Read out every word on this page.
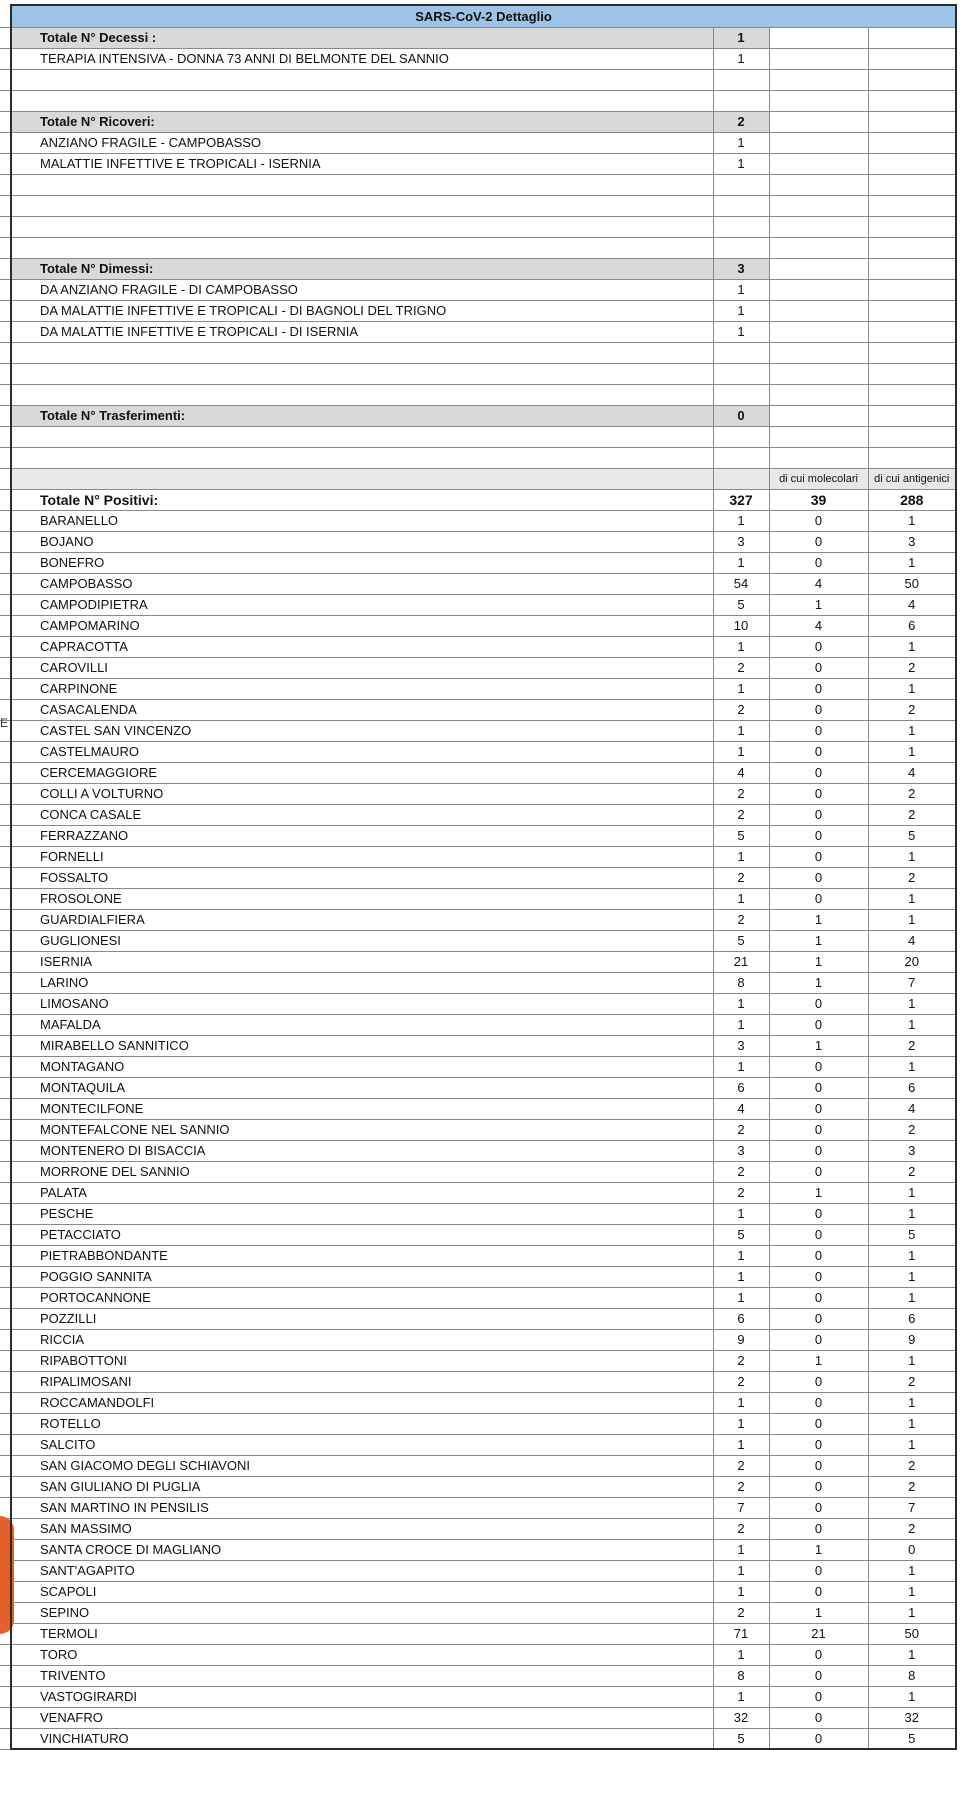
E
SARS-CoV-2 Dettaglio			
Totale N° Decessi :	1		
TERAPIA INTENSIVA - DONNA 73 ANNI DI BELMONTE DEL SANNIO	1		

Totale N° Ricoveri:	2		
ANZIANO FRAGILE - CAMPOBASSO	1		
MALATTIE INFETTIVE E TROPICALI - ISERNIA	1		

Totale N° Dimessi:	3		
DA ANZIANO FRAGILE - DI CAMPOBASSO	1		
DA MALATTIE INFETTIVE E TROPICALI - DI BAGNOLI DEL TRIGNO	1		
DA MALATTIE INFETTIVE E TROPICALI - DI ISERNIA	1		

Totale N° Trasferimenti:	0		

		di cui molecolari	di cui antigenici
Totale N° Positivi:	327	39	288
BARANELLO	1	0	1
BOJANO	3	0	3
BONEFRO	1	0	1
CAMPOBASSO	54	4	50
CAMPODIPIETRA	5	1	4
CAMPOMARINO	10	4	6
CAPRACOTTA	1	0	1
CAROVILLI	2	0	2
CARPINONE	1	0	1
CASACALENDA	2	0	2
CASTEL SAN VINCENZO	1	0	1
CASTELMAURO	1	0	1
CERCEMAGGIORE	4	0	4
COLLI A VOLTURNO	2	0	2
CONCA CASALE	2	0	2
FERRAZZANO	5	0	5
FORNELLI	1	0	1
FOSSALTO	2	0	2
FROSOLONE	1	0	1
GUARDIALFIERA	2	1	1
GUGLIONESI	5	1	4
ISERNIA	21	1	20
LARINO	8	1	7
LIMOSANO	1	0	1
MAFALDA	1	0	1
MIRABELLO SANNITICO	3	1	2
MONTAGANO	1	0	1
MONTAQUILA	6	0	6
MONTECILFONE	4	0	4
MONTEFALCONE NEL SANNIO	2	0	2
MONTENERO DI BISACCIA	3	0	3
MORRONE DEL SANNIO	2	0	2
PALATA	2	1	1
PESCHE	1	0	1
PETACCIATO	5	0	5
PIETRABBONDANTE	1	0	1
POGGIO SANNITA	1	0	1
PORTOCANNONE	1	0	1
POZZILLI	6	0	6
RICCIA	9	0	9
RIPABOTTONI	2	1	1
RIPALIMOSANI	2	0	2
ROCCAMANDOLFI	1	0	1
ROTELLO	1	0	1
SALCITO	1	0	1
SAN GIACOMO DEGLI SCHIAVONI	2	0	2
SAN GIULIANO DI PUGLIA	2	0	2
SAN MARTINO IN PENSILIS	7	0	7
SAN MASSIMO	2	0	2
SANTA CROCE DI MAGLIANO	1	1	0
SANT'AGAPITO	1	0	1
SCAPOLI	1	0	1
SEPINO	2	1	1
TERMOLI	71	21	50
TORO	1	0	1
TRIVENTO	8	0	8
VASTOGIRARDI	1	0	1
VENAFRO	32	0	32
VINCHIATURO	5	0	5
